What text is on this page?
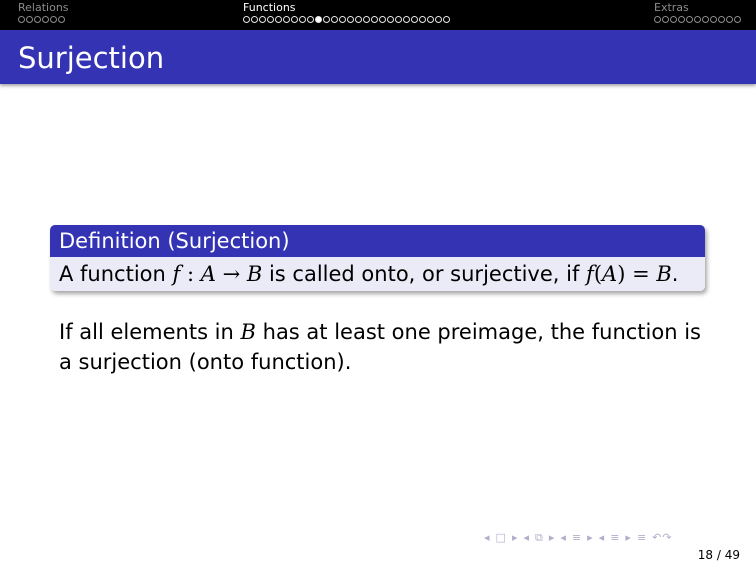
Relations	Functions	Extras
Surjection
Definition (Surjection)
A function f : A → B is called onto, or surjective, if f(A) = B.
If all elements in B has at least one preimage, the function is a surjection (onto function).
◂ □ ▸ ◂ ⧉ ▸ ◂ ≡ ▸ ◂ ≡ ▸ ≡ ↶↷
18 / 49
